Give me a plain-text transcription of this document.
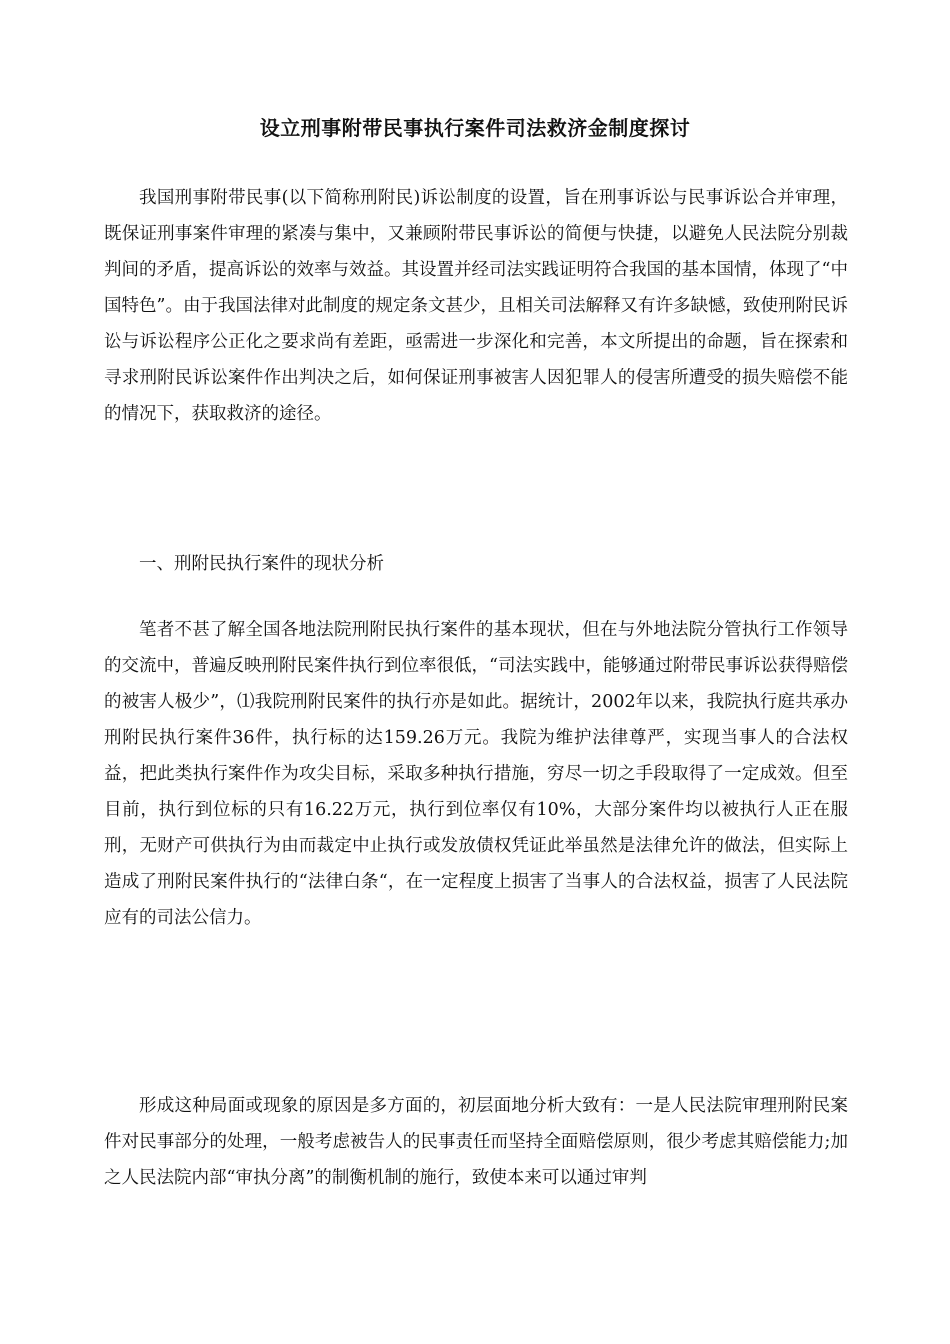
设立刑事附带民事执行案件司法救济金制度探讨

我国刑事附带民事(以下简称刑附民)诉讼制度的设置，旨在刑事诉讼与民事诉讼合并审理，既保证刑事案件审理的紧凑与集中，又兼顾附带民事诉讼的简便与快捷，以避免人民法院分别裁判间的矛盾，提高诉讼的效率与效益。其设置并经司法实践证明符合我国的基本国情，体现了“中国特色”。由于我国法律对此制度的规定条文甚少，且相关司法解释又有许多缺憾，致使刑附民诉讼与诉讼程序公正化之要求尚有差距，亟需进一步深化和完善，本文所提出的命题，旨在探索和寻求刑附民诉讼案件作出判决之后，如何保证刑事被害人因犯罪人的侵害所遭受的损失赔偿不能的情况下，获取救济的途径。

一、刑附民执行案件的现状分析

笔者不甚了解全国各地法院刑附民执行案件的基本现状，但在与外地法院分管执行工作领导的交流中，普遍反映刑附民案件执行到位率很低，“司法实践中，能够通过附带民事诉讼获得赔偿的被害人极少”，⑴我院刑附民案件的执行亦是如此。据统计，2002年以来，我院执行庭共承办刑附民执行案件36件，执行标的达159.26万元。我院为维护法律尊严，实现当事人的合法权益，把此类执行案件作为攻尖目标，采取多种执行措施，穷尽一切之手段取得了一定成效。但至目前，执行到位标的只有16.22万元，执行到位率仅有10%，大部分案件均以被执行人正在服刑，无财产可供执行为由而裁定中止执行或发放债权凭证此举虽然是法律允许的做法，但实际上造成了刑附民案件执行的“法律白条“，在一定程度上损害了当事人的合法权益，损害了人民法院应有的司法公信力。

形成这种局面或现象的原因是多方面的，初层面地分析大致有：一是人民法院审理刑附民案件对民事部分的处理，一般考虑被告人的民事责任而坚持全面赔偿原则，很少考虑其赔偿能力;加之人民法院内部“审执分离”的制衡机制的施行，致使本来可以通过审判
